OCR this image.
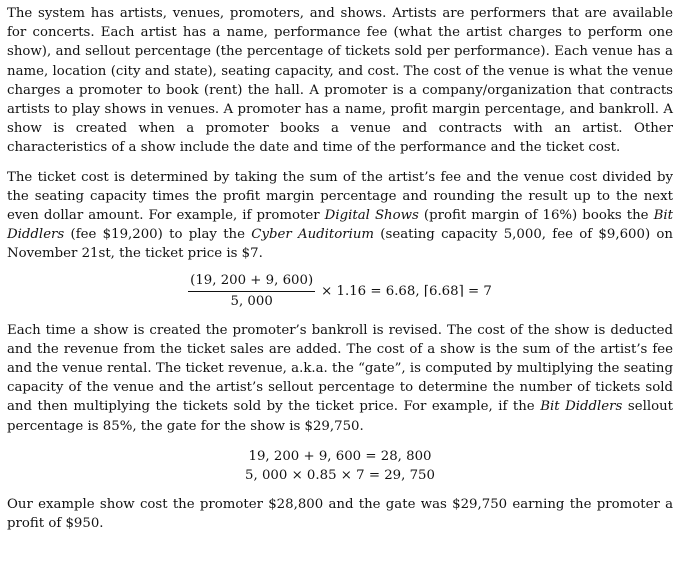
The system has artists, venues, promoters, and shows. Artists are performers that are available for concerts. Each artist has a name, performance fee (what the artist charges to perform one show), and sellout percentage (the percentage of tickets sold per performance). Each venue has a name, location (city and state), seating capacity, and cost. The cost of the venue is what the venue charges a promoter to book (rent) the hall. A promoter is a company/organization that contracts artists to play shows in venues. A promoter has a name, profit margin percentage, and bankroll. A show is created when a promoter books a venue and contracts with an artist. Other characteristics of a show include the date and time of the performance and the ticket cost.

The ticket cost is determined by taking the sum of the artist’s fee and the venue cost divided by the seating capacity times the profit margin percentage and rounding the result up to the next even dollar amount. For example, if promoter Digital Shows (profit margin of 16%) books the Bit Diddlers (fee $19,200) to play the Cyber Auditorium (seating capacity 5,000, fee of $9,600) on November 21st, the ticket price is $7.

$\frac{(19, 200 + 9, 600)}{5, 000} \times 1.16 = 6.68$, ⌈6.68⌉ = 7

Each time a show is created the promoter’s bankroll is revised. The cost of the show is deducted and the revenue from the ticket sales are added. The cost of a show is the sum of the artist’s fee and the venue rental. The ticket revenue, a.k.a. the “gate”, is computed by multiplying the seating capacity of the venue and the artist’s sellout percentage to determine the number of tickets sold and then multiplying the tickets sold by the ticket price. For example, if the Bit Diddlers sellout percentage is 85%, the gate for the show is $29,750.

19, 200 + 9, 600 = 28, 800
5, 000 × 0.85 × 7 = 29, 750

Our example show cost the promoter $28,800 and the gate was $29,750 earning the promoter a profit of $950.
